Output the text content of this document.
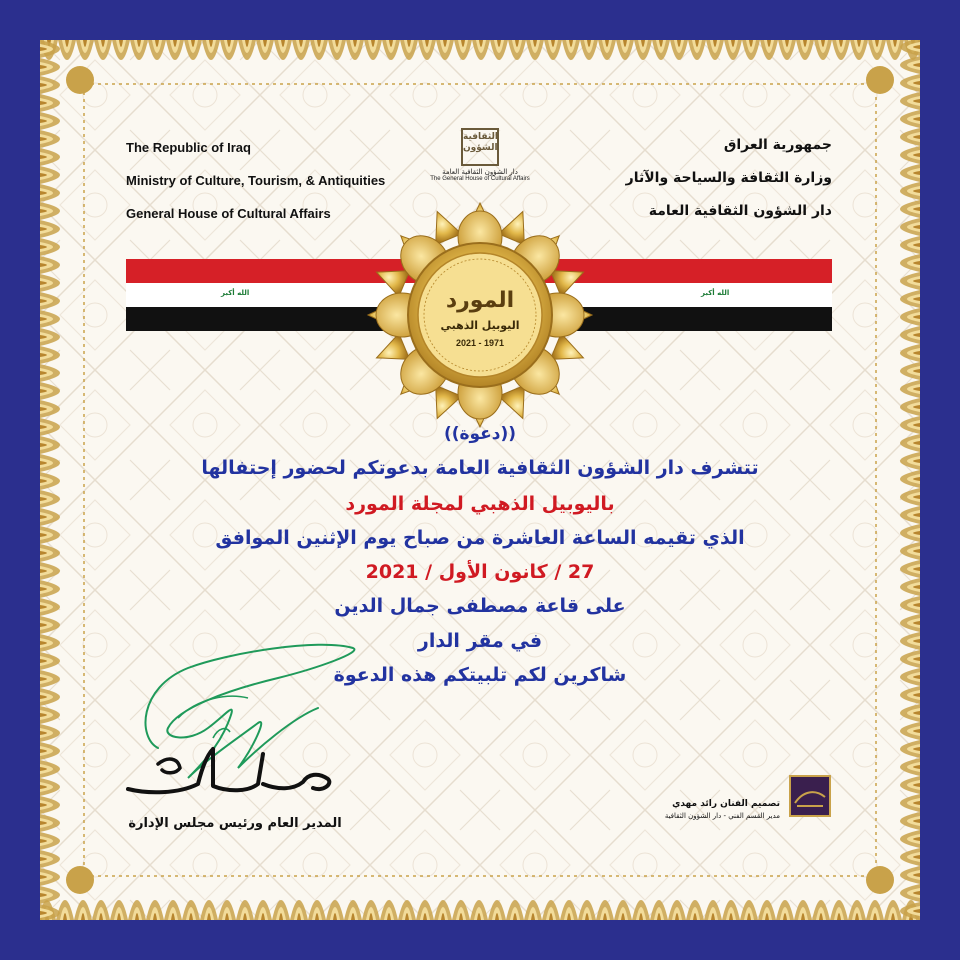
The Republic of Iraq
Ministry of Culture, Tourism, & Antiquities
General House of Cultural Affairs
جمهورية العراق
وزارة الثقافة والسياحة والآثار
دار الشؤون الثقافية العامة
الثقافية
الشؤون
دار الشؤون الثقافية العامة
The General House of Cultural Affairs
الله أكبر	الله أكبر
المورد
اليوبيل الذهبي
2021 - 1971
((دعوة))
تتشرف دار الشؤون الثقافية العامة بدعوتكم لحضور إحتفالها
باليوبيل الذهبي لمجلة المورد
الذي تقيمه الساعة العاشرة من صباح يوم الإثنين الموافق
27 / كانون الأول / 2021
على قاعة مصطفى جمال الدين
في مقر الدار
شاكرين لكم تلبيتكم هذه الدعوة
المدير العام ورئيس مجلس الإدارة
تصميم الفنان رائد مهدي
مدير القسم الفني - دار الشؤون الثقافية
